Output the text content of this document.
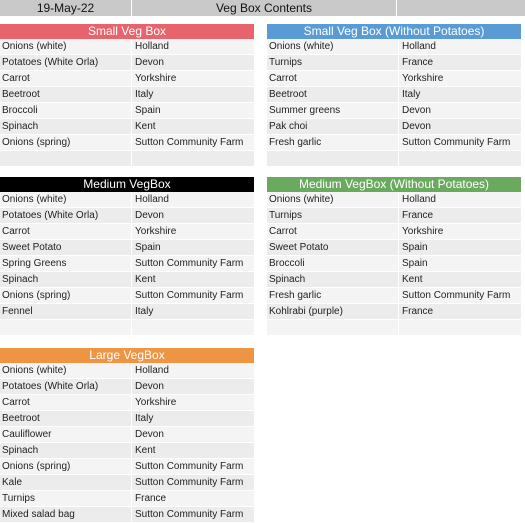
19-May-22	Veg Box Contents
Small Veg Box
Onions (white)	Holland
Potatoes (White Orla)	Devon
Carrot	Yorkshire
Beetroot	Italy
Broccoli	Spain
Spinach	Kent
Onions (spring)	Sutton Community Farm
Small Veg Box (Without Potatoes)
Onions (white)	Holland
Turnips	France
Carrot	Yorkshire
Beetroot	Italy
Summer greens	Devon
Pak choi	Devon
Fresh garlic	Sutton Community Farm
Medium VegBox
Onions (white)	Holland
Potatoes (White Orla)	Devon
Carrot	Yorkshire
Sweet Potato	Spain
Spring Greens	Sutton Community Farm
Spinach	Kent
Onions (spring)	Sutton Community Farm
Fennel	Italy
Medium VegBox (Without Potatoes)
Onions (white)	Holland
Turnips	France
Carrot	Yorkshire
Sweet Potato	Spain
Broccoli	Spain
Spinach	Kent
Fresh garlic	Sutton Community Farm
Kohlrabi (purple)	France
Large VegBox
Onions (white)	Holland
Potatoes (White Orla)	Devon
Carrot	Yorkshire
Beetroot	Italy
Cauliflower	Devon
Spinach	Kent
Onions (spring)	Sutton Community Farm
Kale	Sutton Community Farm
Turnips	France
Mixed salad bag	Sutton Community Farm
